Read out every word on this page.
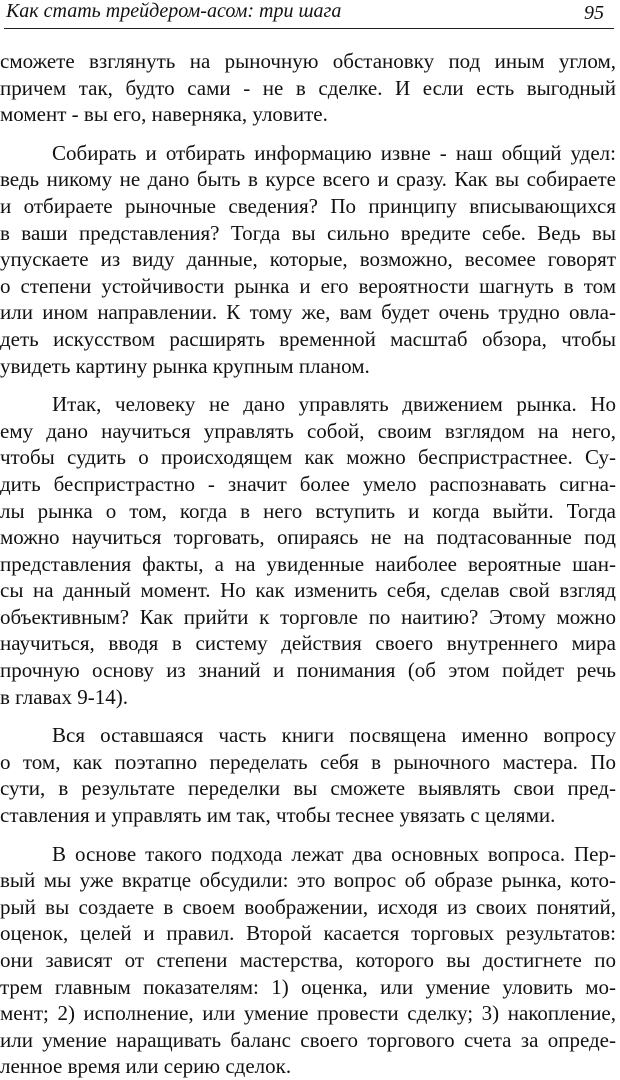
Как стать трейдером-асом: три шага	95
сможете взглянуть на рыночную обстановку под иным углом,
причем так, будто сами - не в сделке. И если есть выгодный
момент - вы его, наверняка, уловите.
Собирать и отбирать информацию извне - наш общий удел:
ведь никому не дано быть в курсе всего и сразу. Как вы собираете
и отбираете рыночные сведения? По принципу вписывающихся
в ваши представления? Тогда вы сильно вредите себе. Ведь вы
упускаете из виду данные, которые, возможно, весомее говорят
о степени устойчивости рынка и его вероятности шагнуть в том
или ином направлении. К тому же, вам будет очень трудно овла-
деть искусством расширять временной масштаб обзора, чтобы
увидеть картину рынка крупным планом.
Итак, человеку не дано управлять движением рынка. Но
ему дано научиться управлять собой, своим взглядом на него,
чтобы судить о происходящем как можно беспристрастнее. Су-
дить беспристрастно - значит более умело распознавать сигна-
лы рынка о том, когда в него вступить и когда выйти. Тогда
можно научиться торговать, опираясь не на подтасованные под
представления факты, а на увиденные наиболее вероятные шан-
сы на данный момент. Но как изменить себя, сделав свой взгляд
объективным? Как прийти к торговле по наитию? Этому можно
научиться, вводя в систему действия своего внутреннего мира
прочную основу из знаний и понимания (об этом пойдет речь
в главах 9-14).
Вся оставшаяся часть книги посвящена именно вопросу
о том, как поэтапно переделать себя в рыночного мастера. По
сути, в результате переделки вы сможете выявлять свои пред-
ставления и управлять им так, чтобы теснее увязать с целями.
В основе такого подхода лежат два основных вопроса. Пер-
вый мы уже вкратце обсудили: это вопрос об образе рынка, кото-
рый вы создаете в своем воображении, исходя из своих понятий,
оценок, целей и правил. Второй касается торговых результатов:
они зависят от степени мастерства, которого вы достигнете по
трем главным показателям: 1) оценка, или умение уловить мо-
мент; 2) исполнение, или умение провести сделку; 3) накопление,
или умение наращивать баланс своего торгового счета за опреде-
ленное время или серию сделок.
